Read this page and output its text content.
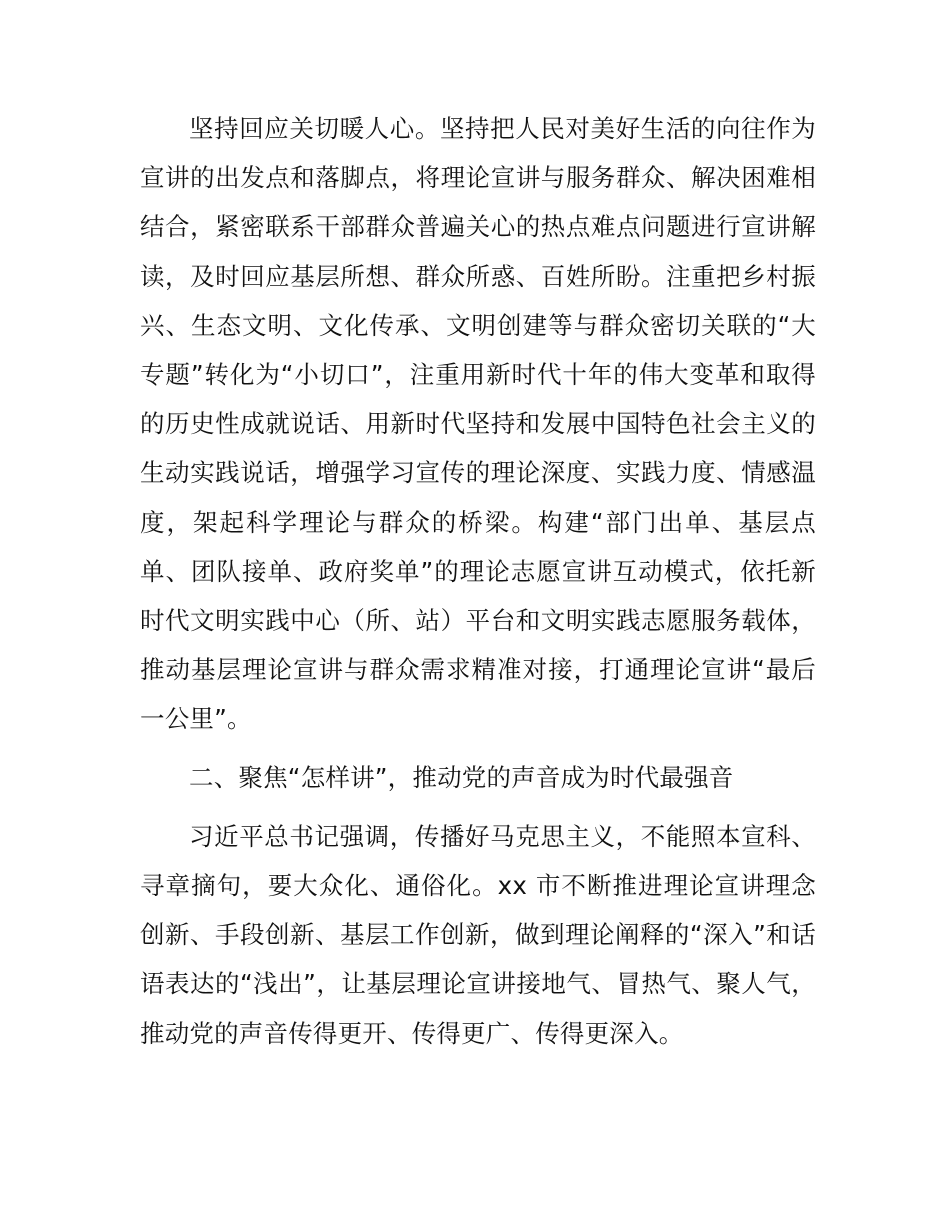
坚持回应关切暖人心。坚持把人民对美好生活的向往作为宣讲的出发点和落脚点，将理论宣讲与服务群众、解决困难相结合，紧密联系干部群众普遍关心的热点难点问题进行宣讲解读，及时回应基层所想、群众所惑、百姓所盼。注重把乡村振兴、生态文明、文化传承、文明创建等与群众密切关联的“大专题”转化为“小切口”，注重用新时代十年的伟大变革和取得的历史性成就说话、用新时代坚持和发展中国特色社会主义的生动实践说话，增强学习宣传的理论深度、实践力度、情感温度，架起科学理论与群众的桥梁。构建“部门出单、基层点单、团队接单、政府奖单”的理论志愿宣讲互动模式，依托新时代文明实践中心（所、站）平台和文明实践志愿服务载体，推动基层理论宣讲与群众需求精准对接，打通理论宣讲“最后一公里”。

二、聚焦“怎样讲”，推动党的声音成为时代最强音

习近平总书记强调，传播好马克思主义，不能照本宣科、寻章摘句，要大众化、通俗化。xx 市不断推进理论宣讲理念创新、手段创新、基层工作创新，做到理论阐释的“深入”和话语表达的“浅出”，让基层理论宣讲接地气、冒热气、聚人气，推动党的声音传得更开、传得更广、传得更深入。
